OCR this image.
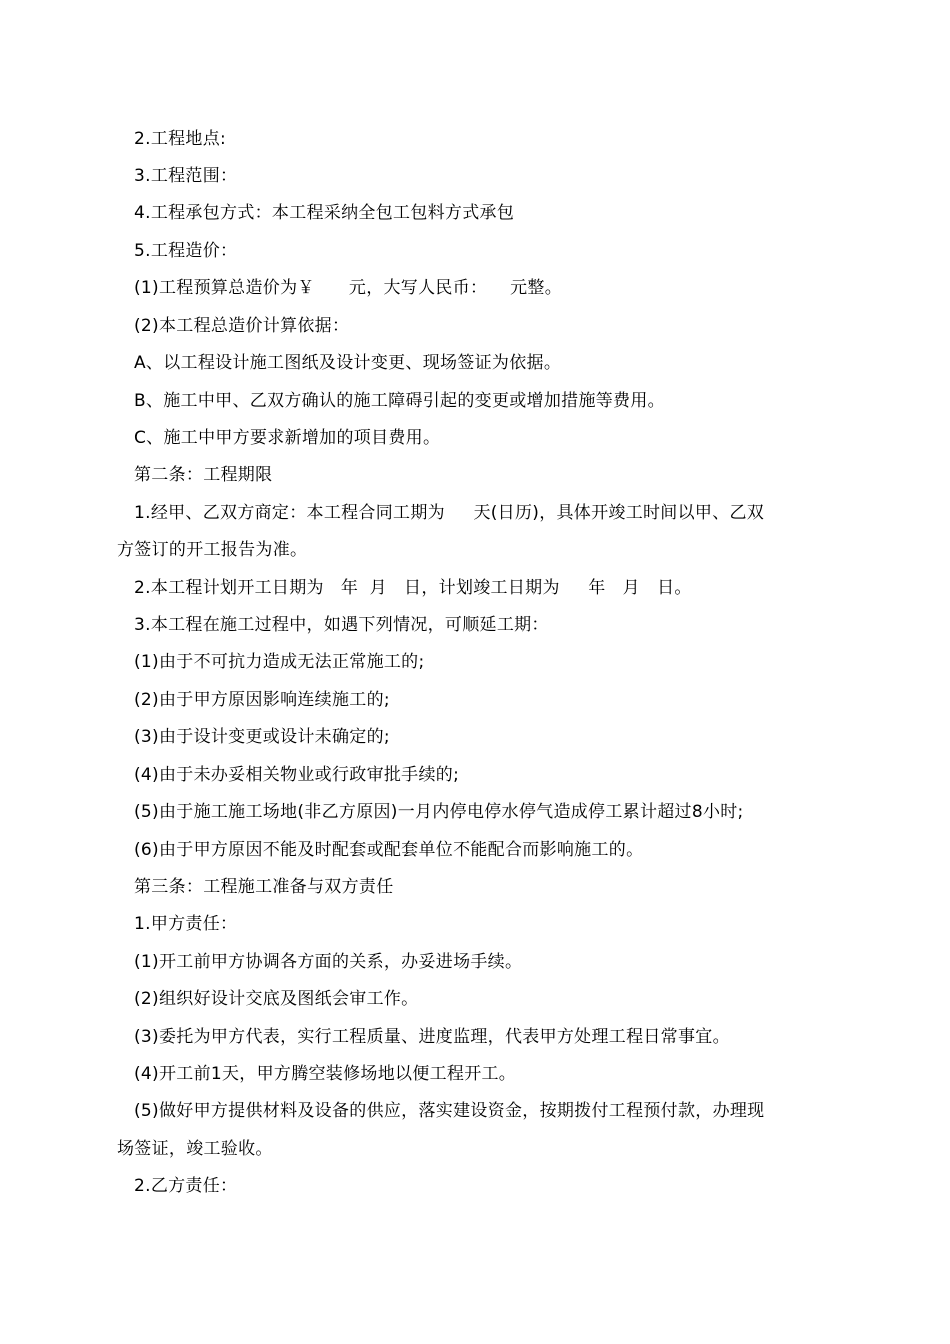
2.工程地点:
3.工程范围：
4.工程承包方式：本工程采纳全包工包料方式承包
5.工程造价：
(1)工程预算总造价为￥      元，大写人民币：    元整。
(2)本工程总造价计算依据：
A、以工程设计施工图纸及设计变更、现场签证为依据。
B、施工中甲、乙双方确认的施工障碍引起的变更或增加措施等费用。
C、施工中甲方要求新增加的项目费用。
第二条：工程期限
1.经甲、乙双方商定：本工程合同工期为     天(日历)，具体开竣工时间以甲、乙双
方签订的开工报告为准。
2.本工程计划开工日期为   年  月   日，计划竣工日期为     年   月   日。
3.本工程在施工过程中，如遇下列情况，可顺延工期：
(1)由于不可抗力造成无法正常施工的;
(2)由于甲方原因影响连续施工的;
(3)由于设计变更或设计未确定的;
(4)由于未办妥相关物业或行政审批手续的;
(5)由于施工施工场地(非乙方原因)一月内停电停水停气造成停工累计超过8小时;
(6)由于甲方原因不能及时配套或配套单位不能配合而影响施工的。
第三条：工程施工准备与双方责任
1.甲方责任：
(1)开工前甲方协调各方面的关系，办妥进场手续。
(2)组织好设计交底及图纸会审工作。
(3)委托为甲方代表，实行工程质量、进度监理，代表甲方处理工程日常事宜。
(4)开工前1天，甲方腾空装修场地以便工程开工。
(5)做好甲方提供材料及设备的供应，落实建设资金，按期拨付工程预付款，办理现
场签证，竣工验收。
2.乙方责任：
